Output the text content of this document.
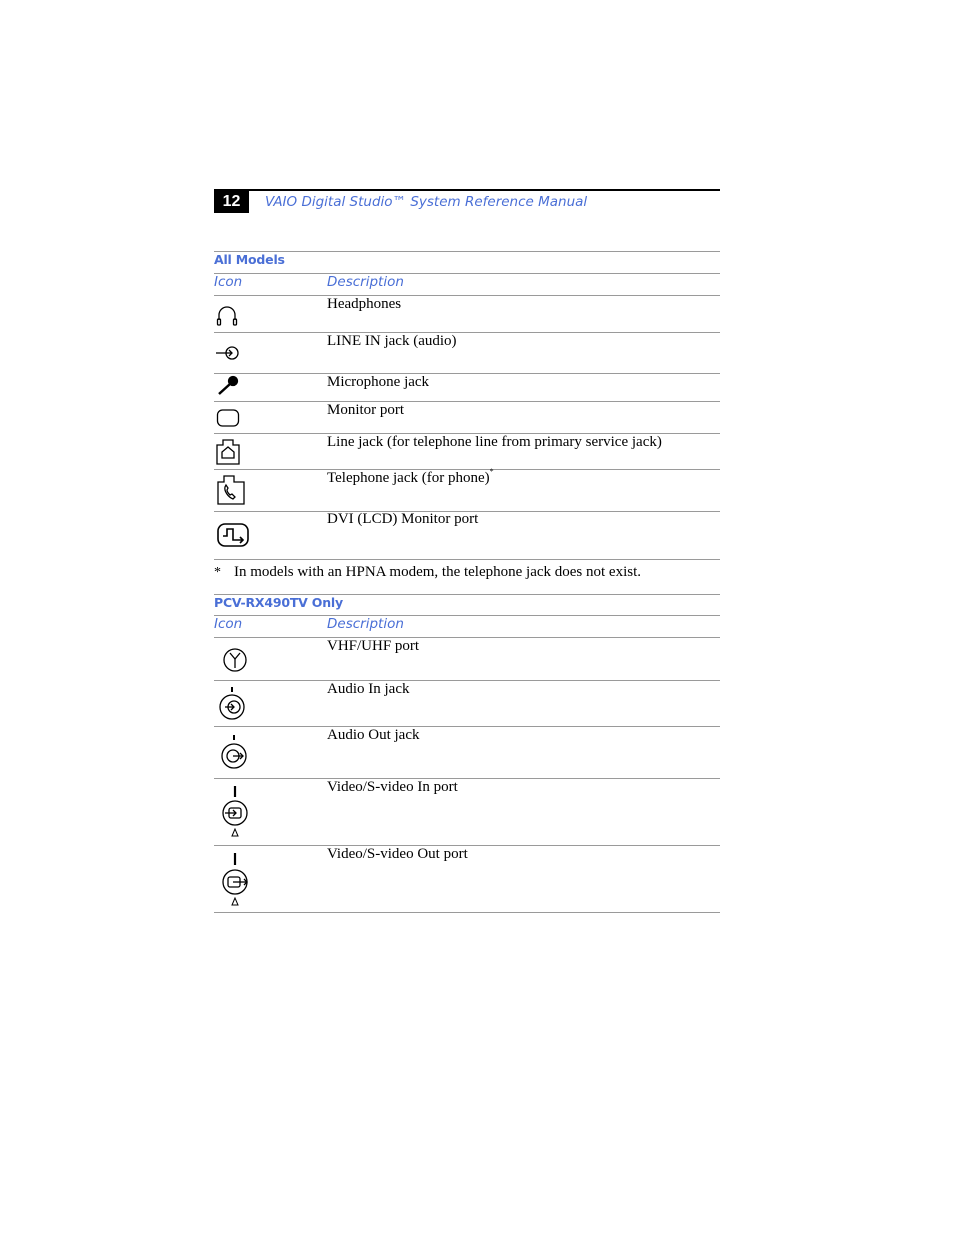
12	VAIO Digital Studio™ System Reference Manual
All Models
Icon	Description
Headphones
LINE IN jack (audio)
Microphone jack
Monitor port
Line jack (for telephone line from primary service jack)
Telephone jack (for phone)*
DVI (LCD) Monitor port
* In models with an HPNA modem, the telephone jack does not exist.
PCV-RX490TV Only
Icon	Description
VHF/UHF port
Audio In jack
Audio Out jack
Video/S-video In port
Video/S-video Out port
